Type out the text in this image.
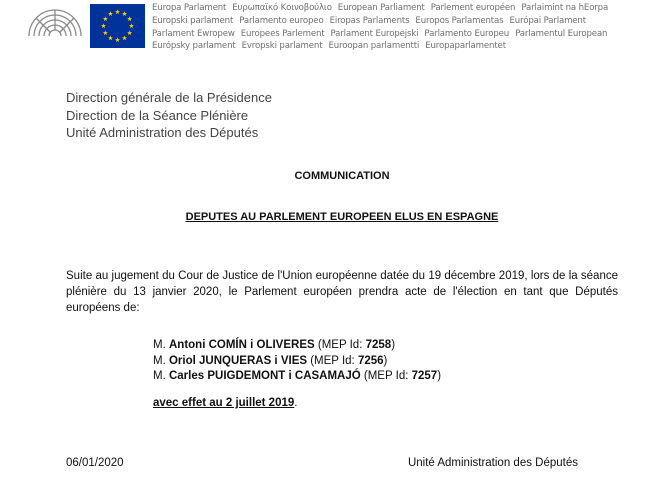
Europa Parlament Ευρωπαϊκό Κοινοβούλιο European Parliament Parlement européen Parlaimint na hEorpa
Europski parlament Parlamento europeo Eiropas Parlaments Europos Parlamentas Európai Parlament
Parlament Ewropew Europees Parlement Parlament Europejski Parlamento Europeu Parlamentul European
Európsky parlament Evropski parlament Euroopan parlamentti Europaparlamentet
Direction générale de la Présidence
Direction de la Séance Plénière
Unité Administration des Députés
COMMUNICATION
DEPUTES AU PARLEMENT EUROPEEN ELUS EN ESPAGNE
Suite au jugement du Cour de Justice de l'Union européenne datée du 19 décembre 2019, lors de la séance plénière du 13 janvier 2020, le Parlement européen prendra acte de l'élection en tant que Députés européens de:
M. Antoni COMÍN i OLIVERES (MEP Id: 7258)
M. Oriol JUNQUERAS i VIES (MEP Id: 7256)
M. Carles PUIGDEMONT i CASAMAJÓ (MEP Id: 7257)
avec effet au 2 juillet 2019.
06/01/2020	Unité Administration des Députés
